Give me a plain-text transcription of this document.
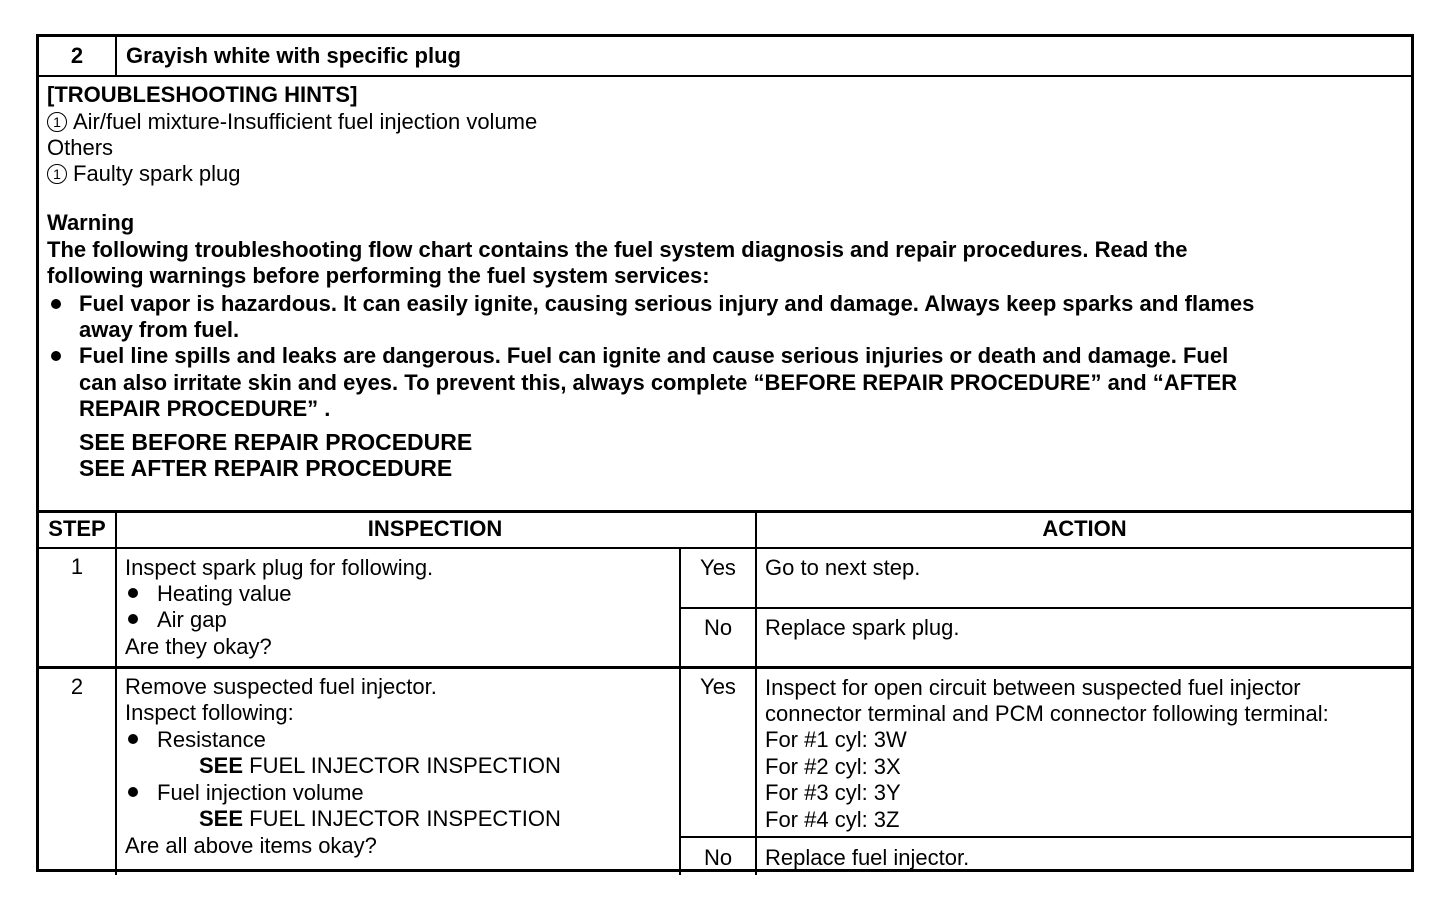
2	Grayish white with specific plug
[TROUBLESHOOTING HINTS]
1 Air/fuel mixture-Insufficient fuel injection volume
Others
1 Faulty spark plug
Warning
The following troubleshooting flow chart contains the fuel system diagnosis and repair procedures. Read the
following warnings before performing the fuel system services:
Fuel vapor is hazardous. It can easily ignite, causing serious injury and damage. Always keep sparks and flames
away from fuel.
Fuel line spills and leaks are dangerous. Fuel can ignite and cause serious injuries or death and damage. Fuel
can also irritate skin and eyes. To prevent this, always complete “BEFORE REPAIR PROCEDURE” and “AFTER
REPAIR PROCEDURE” .
SEE BEFORE REPAIR PROCEDURE
SEE AFTER REPAIR PROCEDURE
STEP	INSPECTION	ACTION
1	Inspect spark plug for following.
Heating value
Air gap
Are they okay?
Yes	Go to next step.
No	Replace spark plug.
2	Remove suspected fuel injector.
Inspect following:
Resistance
SEE FUEL INJECTOR INSPECTION
Fuel injection volume
SEE FUEL INJECTOR INSPECTION
Are all above items okay?
Yes	Inspect for open circuit between suspected fuel injector
connector terminal and PCM connector following terminal:
For #1 cyl: 3W
For #2 cyl: 3X
For #3 cyl: 3Y
For #4 cyl: 3Z
No	Replace fuel injector.
